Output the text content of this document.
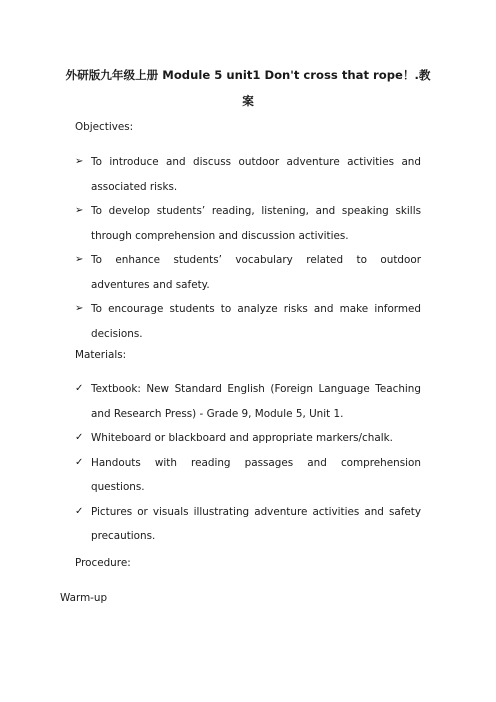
外研版九年级上册 Module 5 unit1 Don't cross that rope！.教
案
Objectives:
➢ To introduce and discuss outdoor adventure activities and associated risks.
➢ To develop students’ reading, listening, and speaking skills through comprehension and discussion activities.
➢ To enhance students’ vocabulary related to outdoor adventures and safety.
➢ To encourage students to analyze risks and make informed decisions.
Materials:
✓ Textbook: New Standard English (Foreign Language Teaching and Research Press) - Grade 9, Module 5, Unit 1.
✓ Whiteboard or blackboard and appropriate markers/chalk.
✓ Handouts with reading passages and comprehension questions.
✓ Pictures or visuals illustrating adventure activities and safety precautions.
Procedure:
Warm-up
